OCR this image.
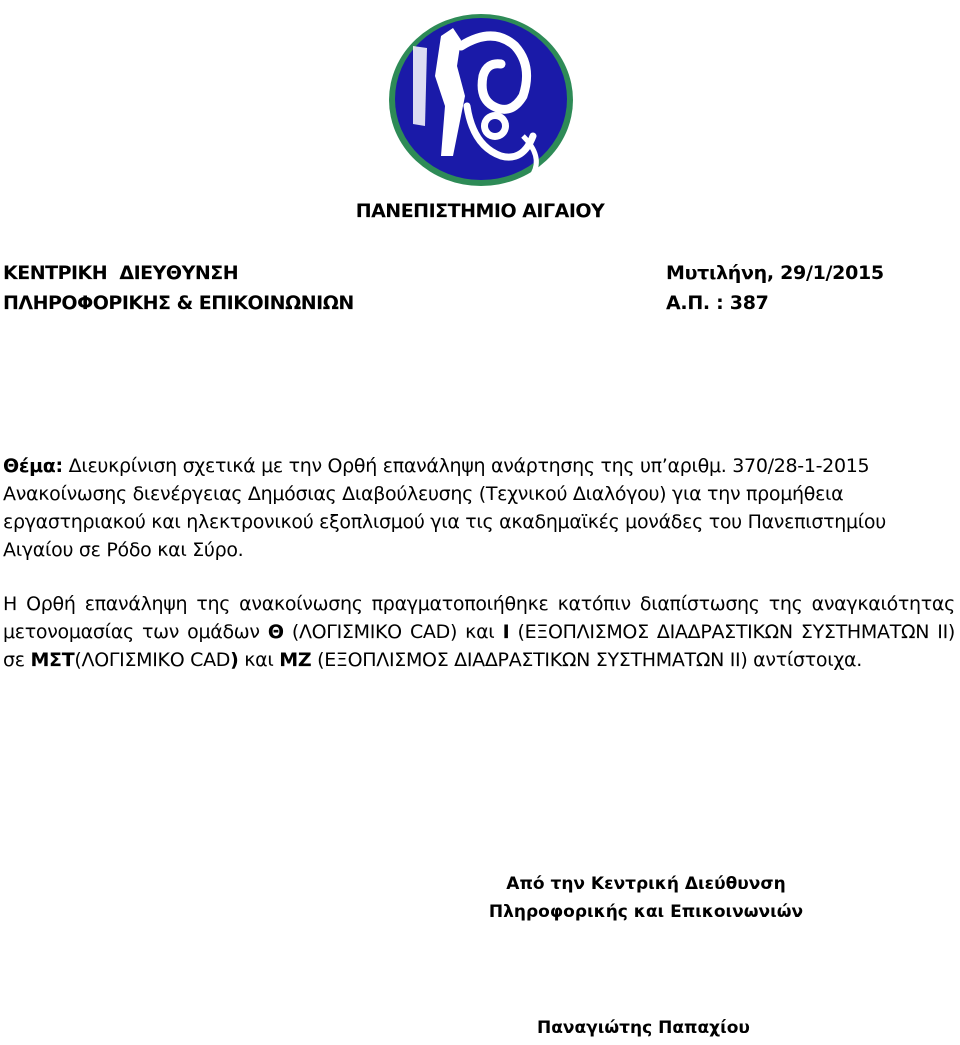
ΠΑΝΕΠΙΣΤΗΜΙΟ ΑΙΓΑΙΟΥ
ΚΕΝΤΡΙΚΗ  ΔΙΕΥΘΥΝΣΗ
ΠΛΗΡΟΦΟΡΙΚΗΣ & ΕΠΙΚΟΙΝΩΝΙΩΝ
Μυτιλήνη, 29/1/2015
Α.Π. : 387
Θέμα: Διευκρίνιση σχετικά με την Ορθή επανάληψη ανάρτησης της υπ’αριθμ. 370/28-1-2015 Ανακοίνωσης διενέργειας Δημόσιας Διαβούλευσης (Τεχνικού Διαλόγου) για την προμήθεια εργαστηριακού και ηλεκτρονικού εξοπλισμού για τις ακαδημαϊκές μονάδες του Πανεπιστημίου Αιγαίου σε Ρόδο και Σύρο.
Η Ορθή επανάληψη της ανακοίνωσης πραγματοποιήθηκε κατόπιν διαπίστωσης της αναγκαιότητας μετονομασίας των ομάδων Θ (ΛΟΓΙΣΜΙΚΟ CAD) και Ι (ΕΞΟΠΛΙΣΜΟΣ ΔΙΑΔΡΑΣΤΙΚΩΝ ΣΥΣΤΗΜΑΤΩΝ ΙΙ) σε ΜΣΤ(ΛΟΓΙΣΜΙΚΟ CAD) και ΜΖ (ΕΞΟΠΛΙΣΜΟΣ ΔΙΑΔΡΑΣΤΙΚΩΝ ΣΥΣΤΗΜΑΤΩΝ ΙΙ) αντίστοιχα.
Από την Κεντρική Διεύθυνση
Πληροφορικής και Επικοινωνιών
Παναγιώτης Παπαχίου
